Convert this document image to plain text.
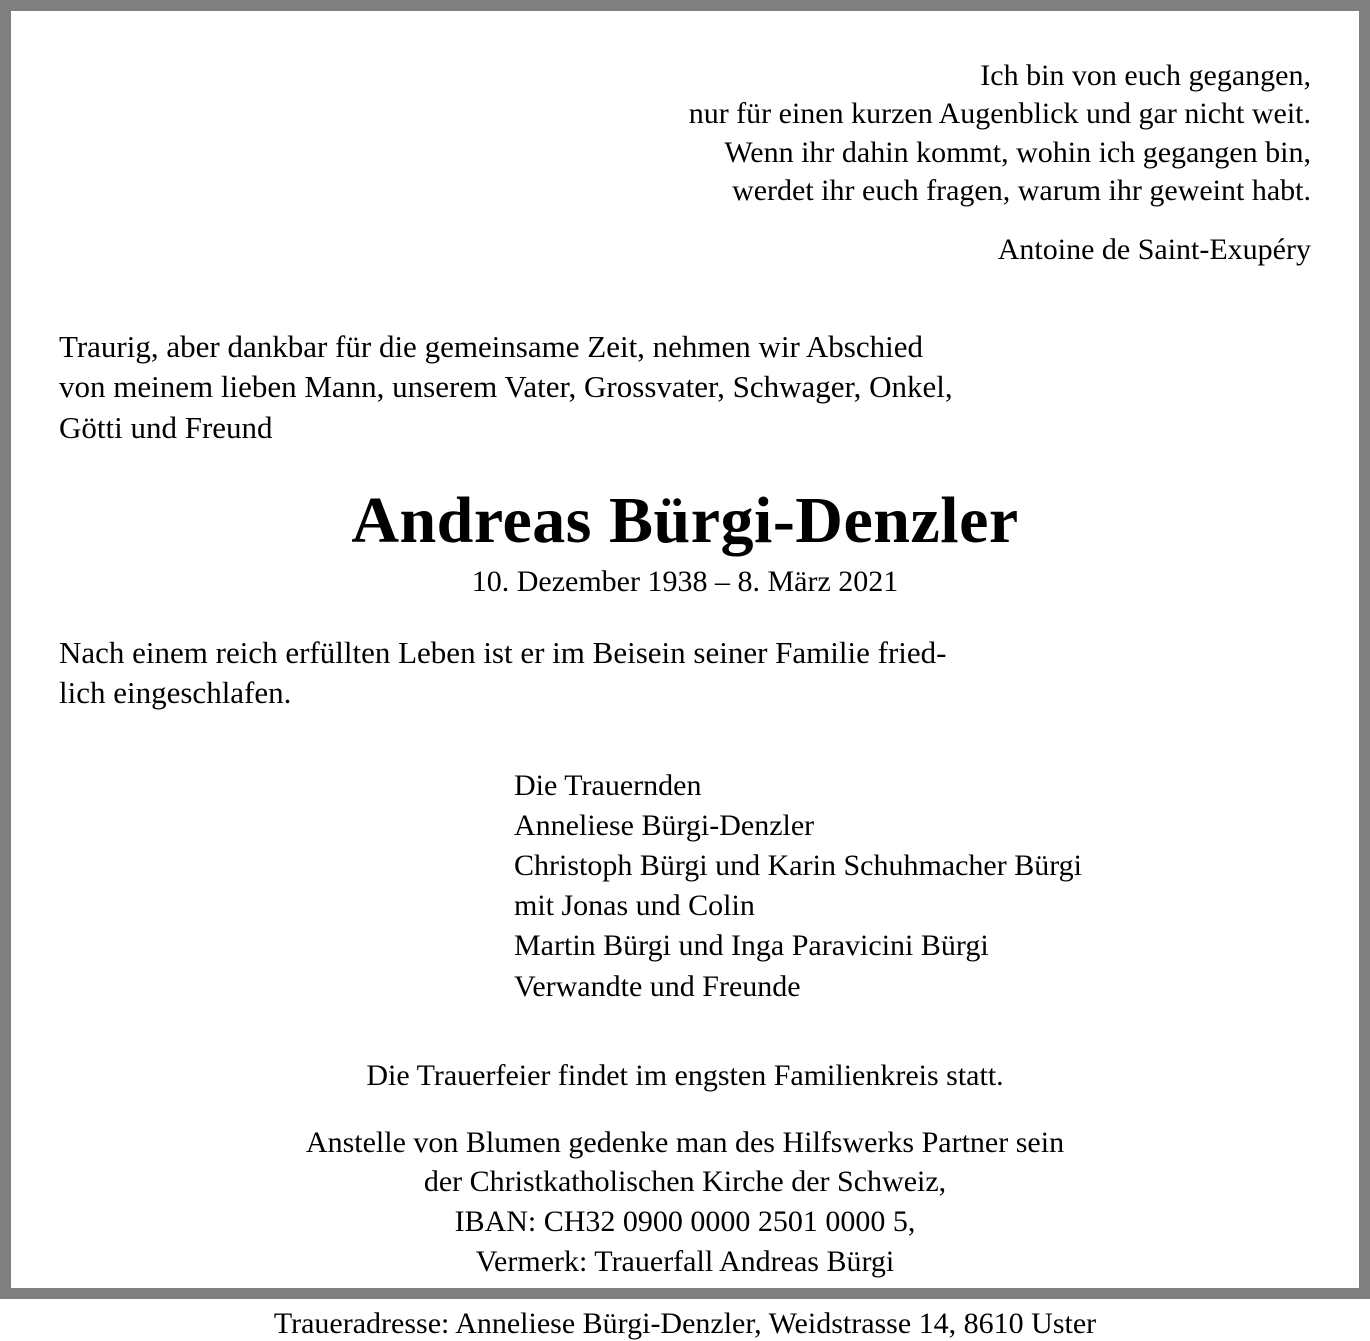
Ich bin von euch gegangen,
nur für einen kurzen Augenblick und gar nicht weit.
Wenn ihr dahin kommt, wohin ich gegangen bin,
werdet ihr euch fragen, warum ihr geweint habt.
Antoine de Saint-Exupéry
Traurig, aber dankbar für die gemeinsame Zeit, nehmen wir Abschied
von meinem lieben Mann, unserem Vater, Grossvater, Schwager, Onkel,
Götti und Freund
Andreas Bürgi-Denzler
10. Dezember 1938 – 8. März 2021
Nach einem reich erfüllten Leben ist er im Beisein seiner Familie fried-
lich eingeschlafen.
Die Trauernden
Anneliese Bürgi-Denzler
Christoph Bürgi und Karin Schuhmacher Bürgi
mit Jonas und Colin
Martin Bürgi und Inga Paravicini Bürgi
Verwandte und Freunde
Die Trauerfeier findet im engsten Familienkreis statt.
Anstelle von Blumen gedenke man des Hilfswerks Partner sein
der Christkatholischen Kirche der Schweiz,
IBAN: CH32 0900 0000 2501 0000 5,
Vermerk: Trauerfall Andreas Bürgi
Traueradresse: Anneliese Bürgi-Denzler, Weidstrasse 14, 8610 Uster
